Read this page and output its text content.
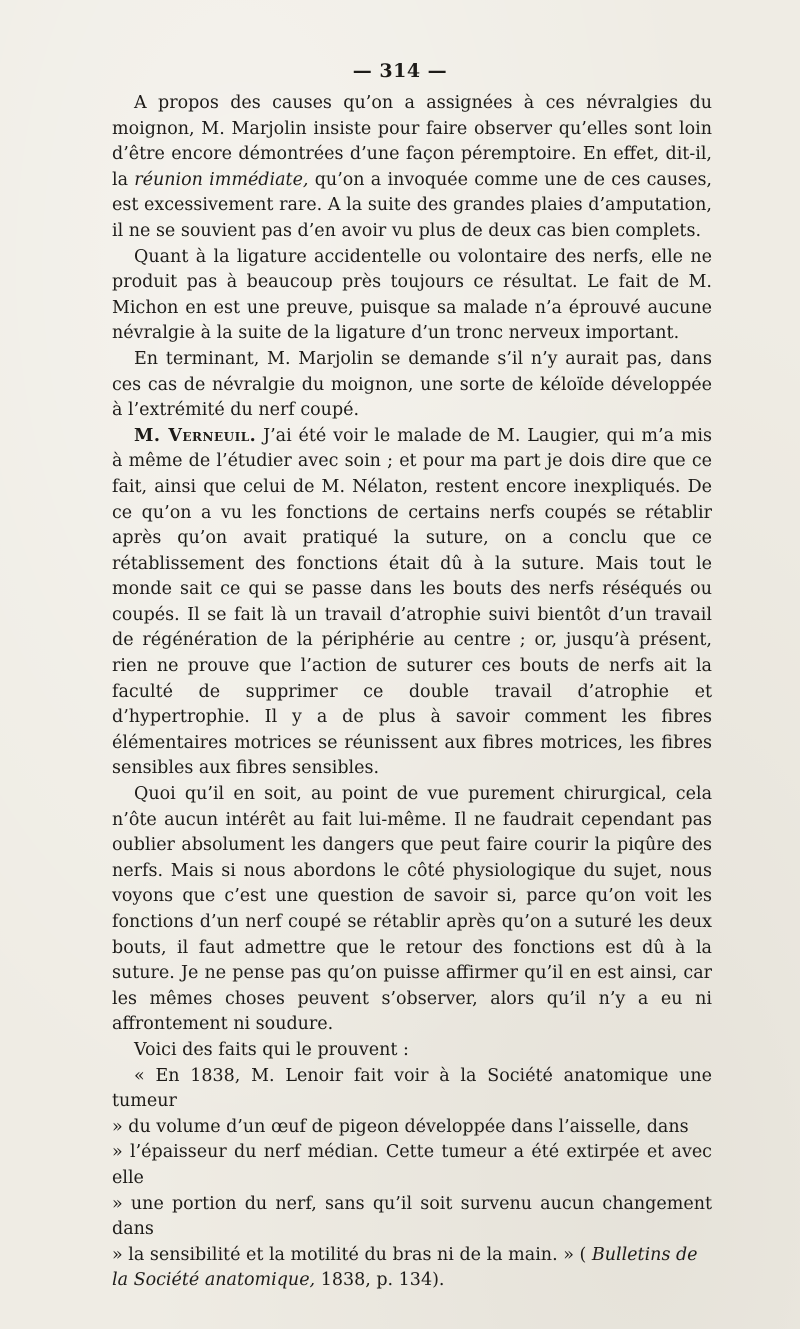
— 314 —

A propos des causes qu’on a assignées à ces névralgies du moignon, M. Marjolin insiste pour faire observer qu’elles sont loin d’être encore démontrées d’une façon péremptoire. En effet, dit-il, la réunion immédiate, qu’on a invoquée comme une de ces causes, est excessivement rare. A la suite des grandes plaies d’amputation, il ne se souvient pas d’en avoir vu plus de deux cas bien complets.

Quant à la ligature accidentelle ou volontaire des nerfs, elle ne produit pas à beaucoup près toujours ce résultat. Le fait de M. Michon en est une preuve, puisque sa malade n’a éprouvé aucune névralgie à la suite de la ligature d’un tronc nerveux important.

En terminant, M. Marjolin se demande s’il n’y aurait pas, dans ces cas de névralgie du moignon, une sorte de kéloïde développée à l’extrémité du nerf coupé.

M. Verneuil. J’ai été voir le malade de M. Laugier, qui m’a mis à même de l’étudier avec soin ; et pour ma part je dois dire que ce fait, ainsi que celui de M. Nélaton, restent encore inexpliqués. De ce qu’on a vu les fonctions de certains nerfs coupés se rétablir après qu’on avait pratiqué la suture, on a conclu que ce rétablissement des fonctions était dû à la suture. Mais tout le monde sait ce qui se passe dans les bouts des nerfs réséqués ou coupés. Il se fait là un travail d’atrophie suivi bientôt d’un travail de régénération de la périphérie au centre ; or, jusqu’à présent, rien ne prouve que l’action de suturer ces bouts de nerfs ait la faculté de supprimer ce double travail d’atrophie et d’hypertrophie. Il y a de plus à savoir comment les fibres élémentaires motrices se réunissent aux fibres motrices, les fibres sensibles aux fibres sensibles.

Quoi qu’il en soit, au point de vue purement chirurgical, cela n’ôte aucun intérêt au fait lui-même. Il ne faudrait cependant pas oublier absolument les dangers que peut faire courir la piqûre des nerfs. Mais si nous abordons le côté physiologique du sujet, nous voyons que c’est une question de savoir si, parce qu’on voit les fonctions d’un nerf coupé se rétablir après qu’on a suturé les deux bouts, il faut admettre que le retour des fonctions est dû à la suture. Je ne pense pas qu’on puisse affirmer qu’il en est ainsi, car les mêmes choses peuvent s’observer, alors qu’il n’y a eu ni affrontement ni soudure.

Voici des faits qui le prouvent :

« En 1838, M. Lenoir fait voir à la Société anatomique une tumeur

» du volume d’un œuf de pigeon développée dans l’aisselle, dans

» l’épaisseur du nerf médian. Cette tumeur a été extirpée et avec elle

» une portion du nerf, sans qu’il soit survenu aucun changement dans

» la sensibilité et la motilité du bras ni de la main. » ( Bulletins de

la Société anatomique, 1838, p. 134).
